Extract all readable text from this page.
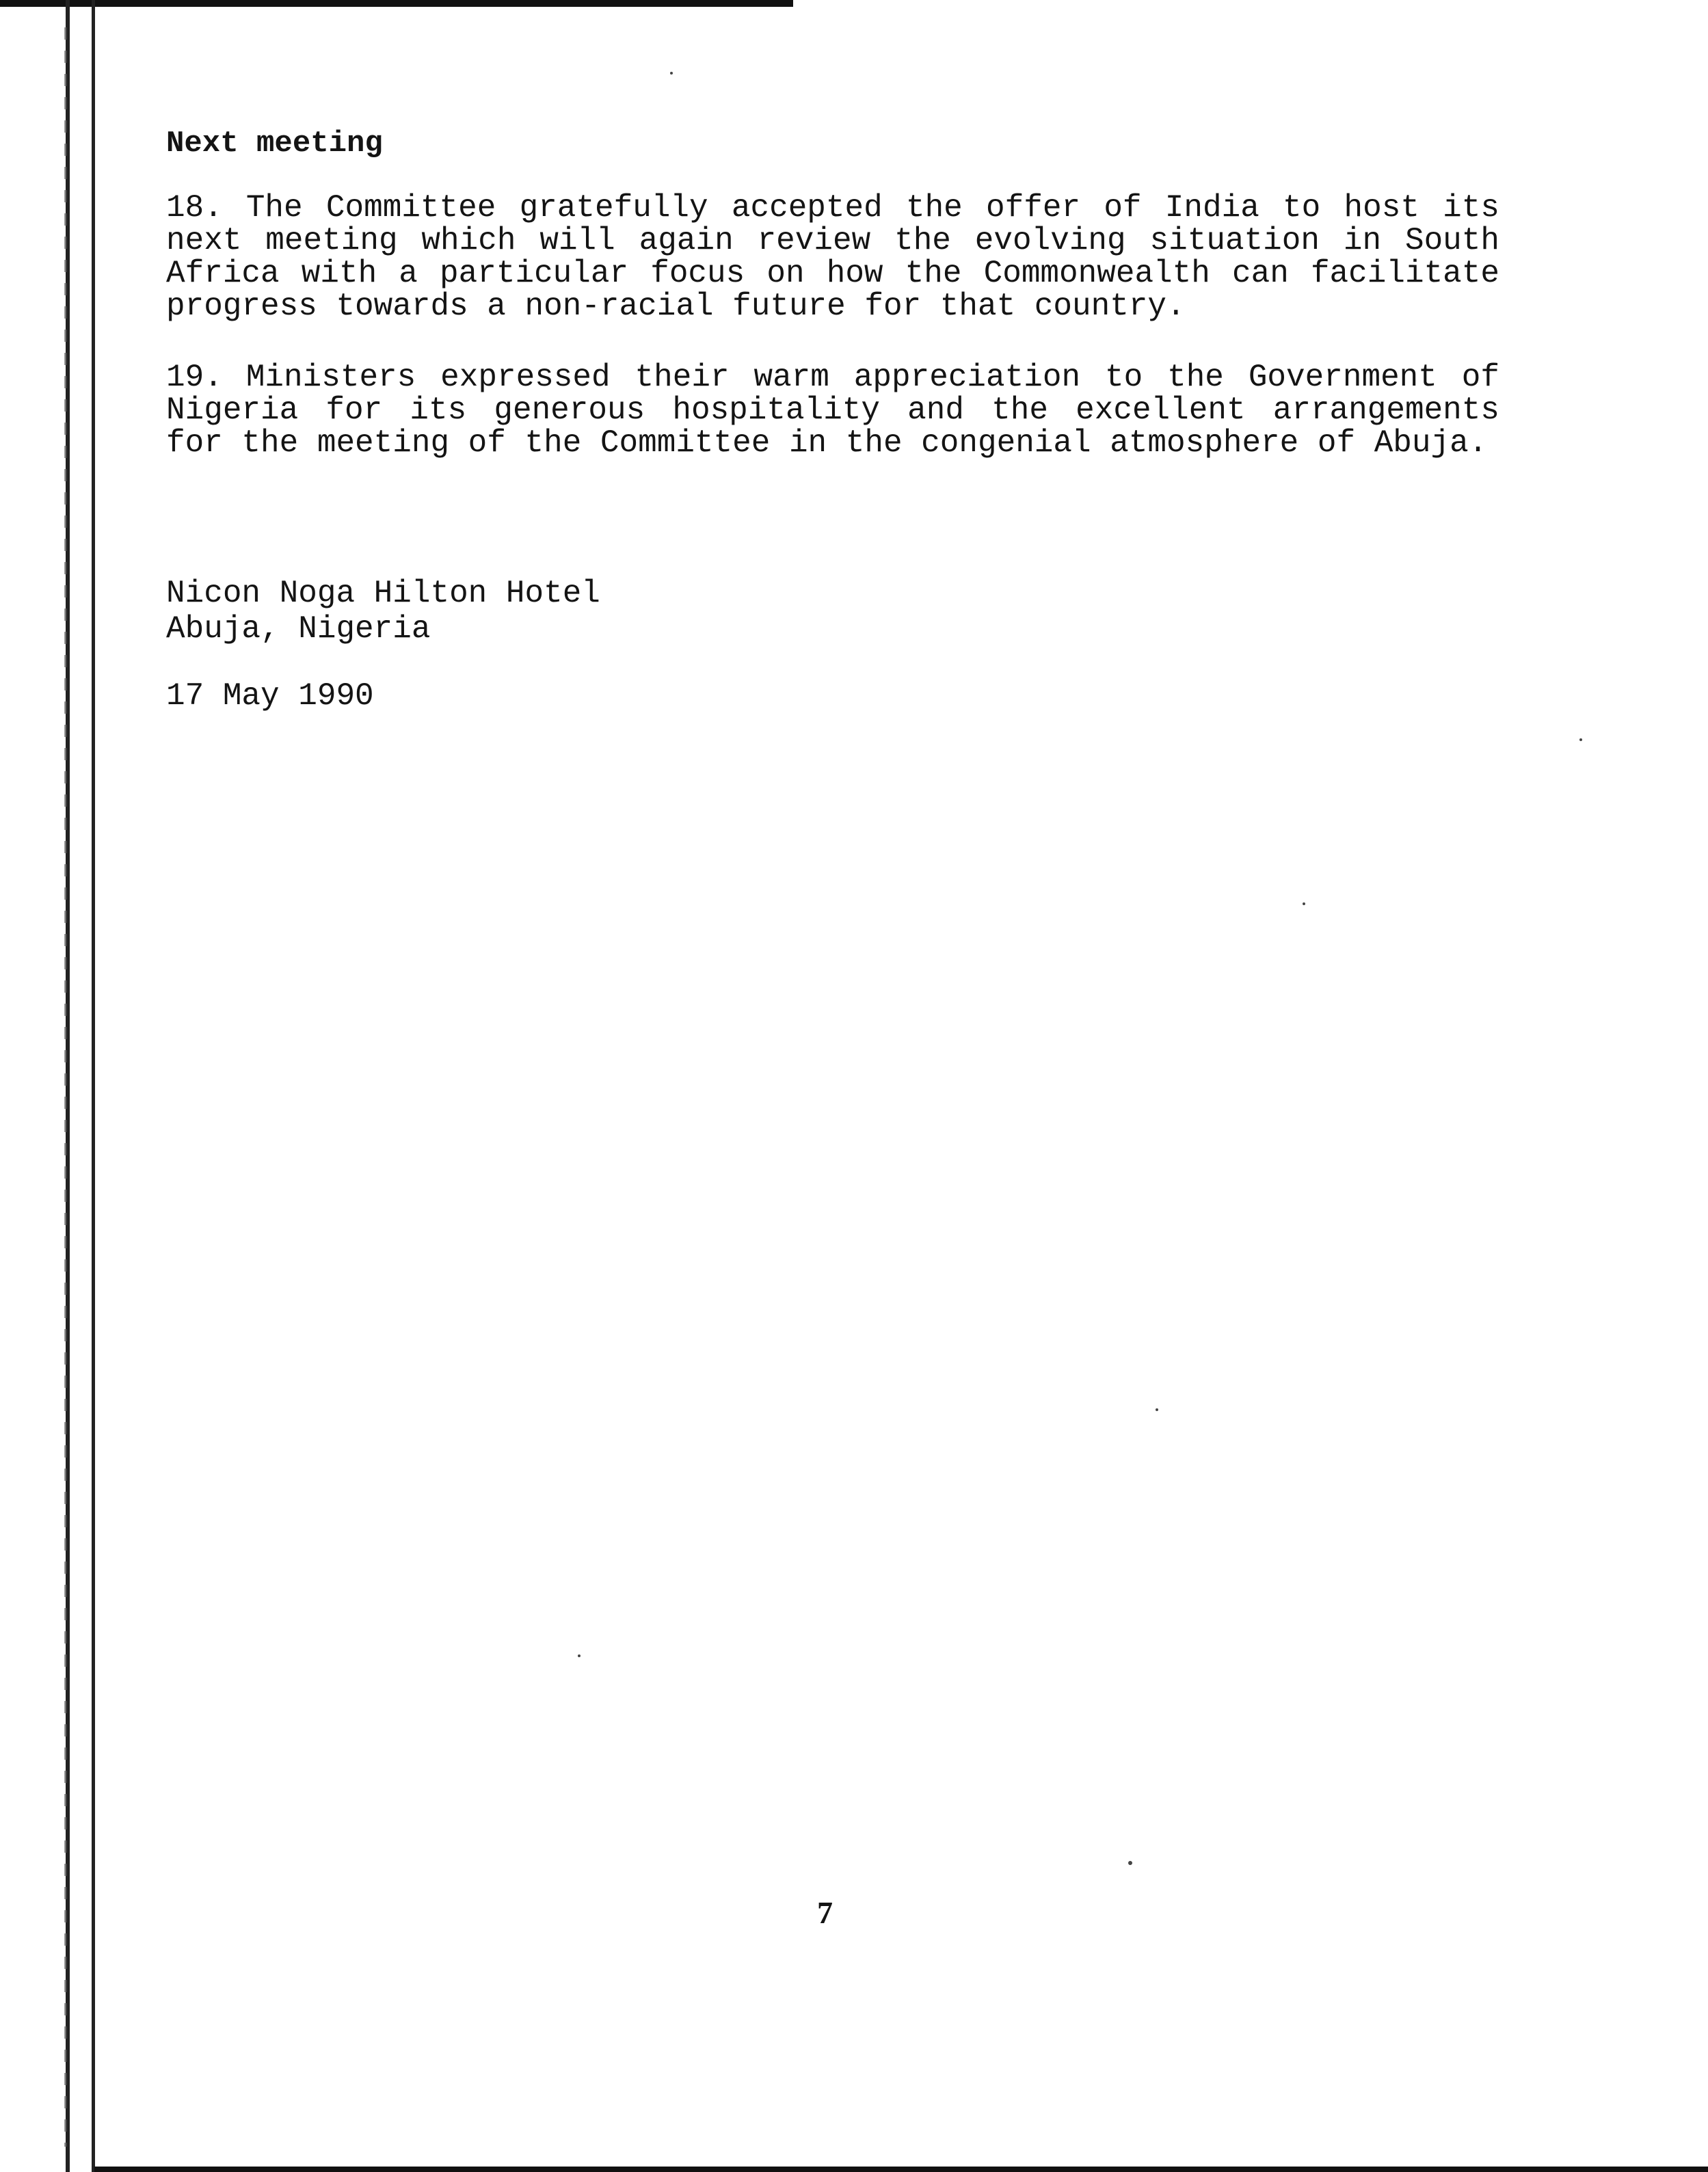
Next meeting

18. The Committee gratefully accepted the offer of India to host its next meeting which will again review the evolving situation in South Africa with a particular focus on how the Commonwealth can facilitate progress towards a non-racial future for that country.

19. Ministers expressed their warm appreciation to the Government of Nigeria for its generous hospitality and the excellent arrangements for the meeting of the Committee in the congenial atmosphere of Abuja.

Nicon Noga Hilton Hotel
Abuja, Nigeria
17 May 1990
7
